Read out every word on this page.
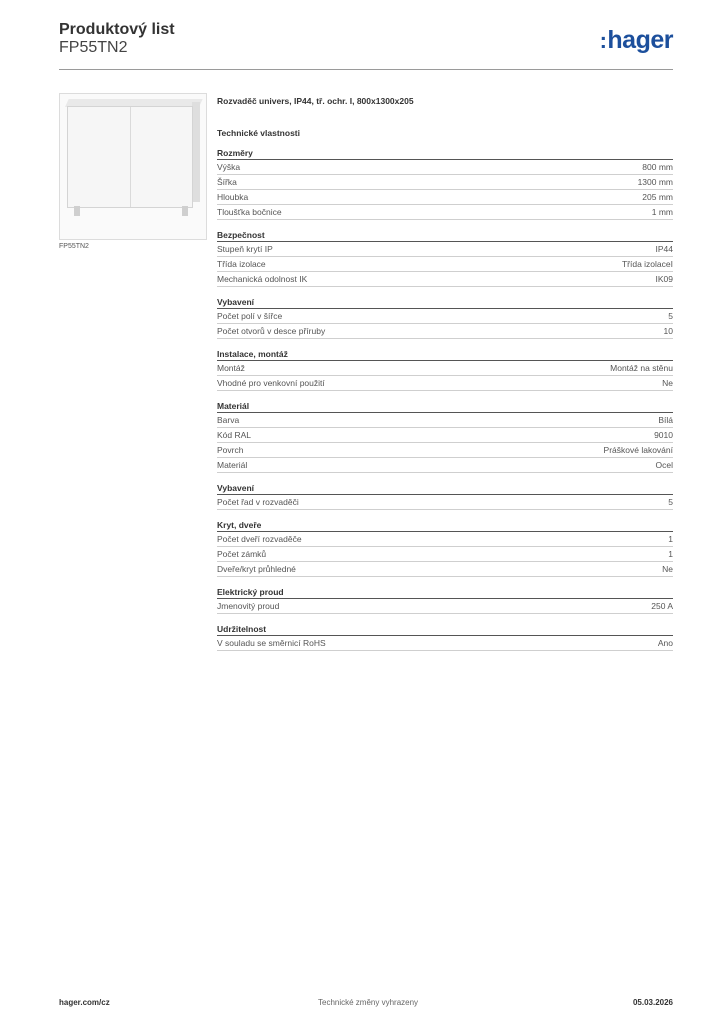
Produktový list
FP55TN2	:hager
FP55TN2
Rozvaděč univers, IP44, tř. ochr. I, 800x1300x205
Technické vlastnosti
Rozměry
Výška	800 mm
Šířka	1300 mm
Hloubka	205 mm
Tloušťka bočnice	1 mm
Bezpečnost
Stupeň krytí IP	IP44
Třída izolace	Třída izolaceI
Mechanická odolnost IK	IK09
Vybavení
Počet polí v šířce	5
Počet otvorů v desce příruby	10
Instalace, montáž
Montáž	Montáž na stěnu
Vhodné pro venkovní použití	Ne
Materiál
Barva	Bílá
Kód RAL	9010
Povrch	Práškové lakování
Materiál	Ocel
Vybavení
Počet řad v rozvaděči	5
Kryt, dveře
Počet dveří rozvaděče	1
Počet zámků	1
Dveře/kryt průhledné	Ne
Elektrický proud
Jmenovitý proud	250 A
Udržitelnost
V souladu se směrnicí RoHS	Ano
hager.com/cz	Technické změny vyhrazeny	05.03.2026
